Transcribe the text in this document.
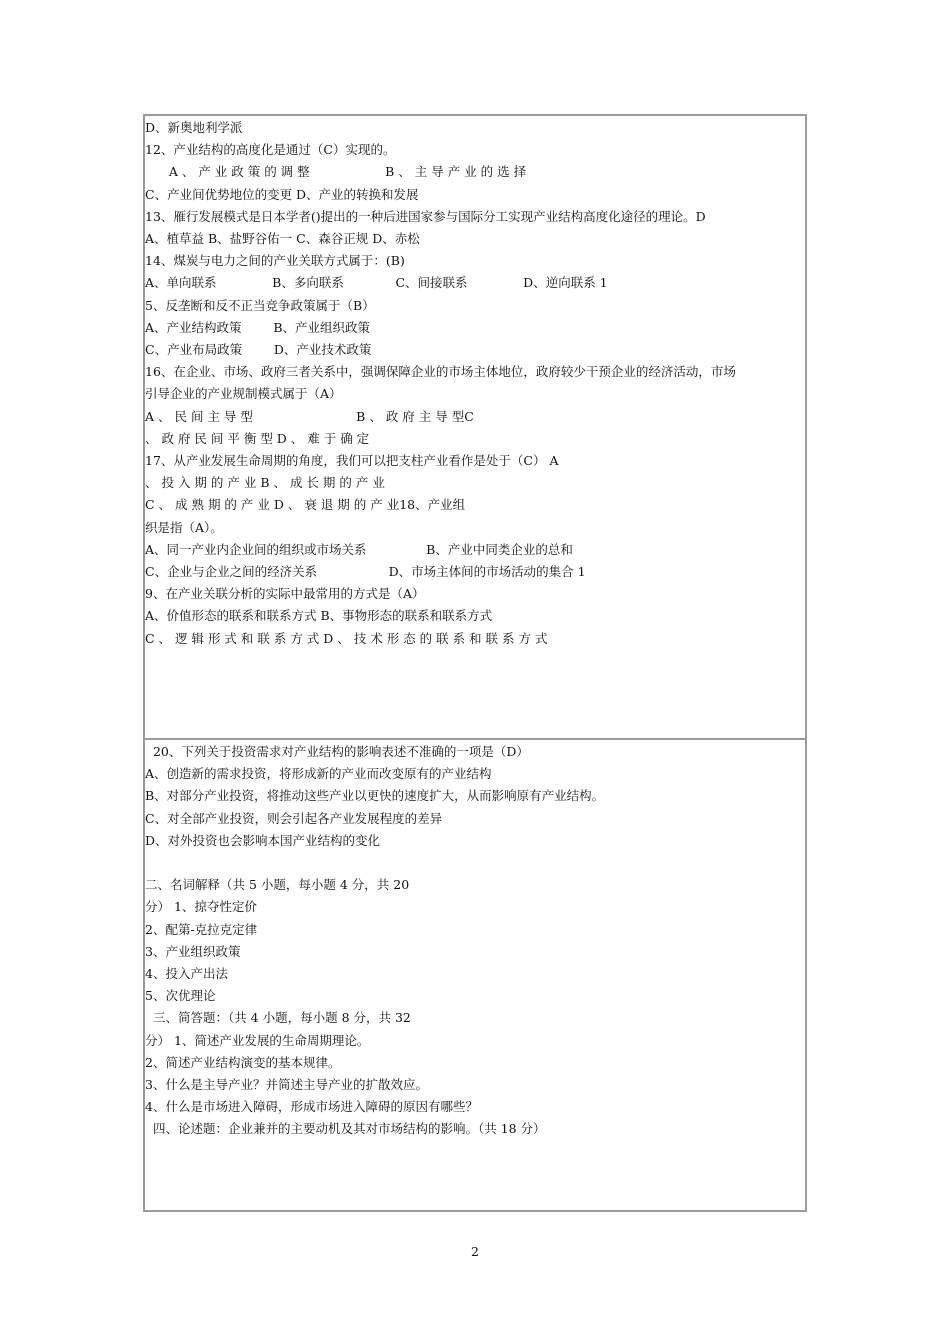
D、新奥地利学派
12、产业结构的高度化是通过（C）实现的。
A 、 产 业 政 策 的 调 整                   B 、 主 导 产 业 的 选 择
C、产业间优势地位的变更 D、产业的转换和发展
13、雁行发展模式是日本学者()提出的一种后进国家参与国际分工实现产业结构高度化途径的理论。D
A、植草益 B、盐野谷佑一 C、森谷正规 D、赤松
14、煤炭与电力之间的产业关联方式属于：(B)
A、单向联系              B、多向联系             C、间接联系              D、逆向联系 1
5、反垄断和反不正当竞争政策属于（B）
A、产业结构政策        B、产业组织政策
C、产业布局政策        D、产业技术政策
16、在企业、市场、政府三者关系中，强调保障企业的市场主体地位，政府较少干预企业的经济活动，市场
引导企业的产业规制模式属于（A）
A 、 民 间 主 导 型                          B 、 政 府 主 导 型C
、 政 府 民 间 平 衡 型 D 、 难 于 确 定
17、从产业发展生命周期的角度，我们可以把支柱产业看作是处于（C） A
、 投 入 期 的 产 业 B 、 成 长 期 的 产 业
C 、 成 熟 期 的 产 业 D 、 衰 退 期 的 产 业18、产业组
织是指（A）。
A、同一产业内企业间的组织或市场关系               B、产业中同类企业的总和
C、企业与企业之间的经济关系                  D、市场主体间的市场活动的集合 1
9、在产业关联分析的实际中最常用的方式是（A）
A、价值形态的联系和联系方式 B、事物形态的联系和联系方式
C 、 逻 辑 形 式 和 联 系 方 式 D 、 技 术 形 态 的 联 系 和 联 系 方 式
20、下列关于投资需求对产业结构的影响表述不准确的一项是（D）
A、创造新的需求投资，将形成新的产业而改变原有的产业结构
B、对部分产业投资，将推动这些产业以更快的速度扩大，从而影响原有产业结构。
C、对全部产业投资，则会引起各产业发展程度的差异
D、对外投资也会影响本国产业结构的变化
二、名词解释（共 5 小题，每小题 4 分，共 20
分） 1、掠夺性定价
2、配第-克拉克定律
3、产业组织政策
4、投入产出法
5、次优理论
三、简答题：（共 4 小题，每小题 8 分，共 32
分） 1、简述产业发展的生命周期理论。
2、简述产业结构演变的基本规律。
3、什么是主导产业？并简述主导产业的扩散效应。
4、什么是市场进入障碍，形成市场进入障碍的原因有哪些？
四、论述题：企业兼并的主要动机及其对市场结构的影响。（共 18 分）
2
